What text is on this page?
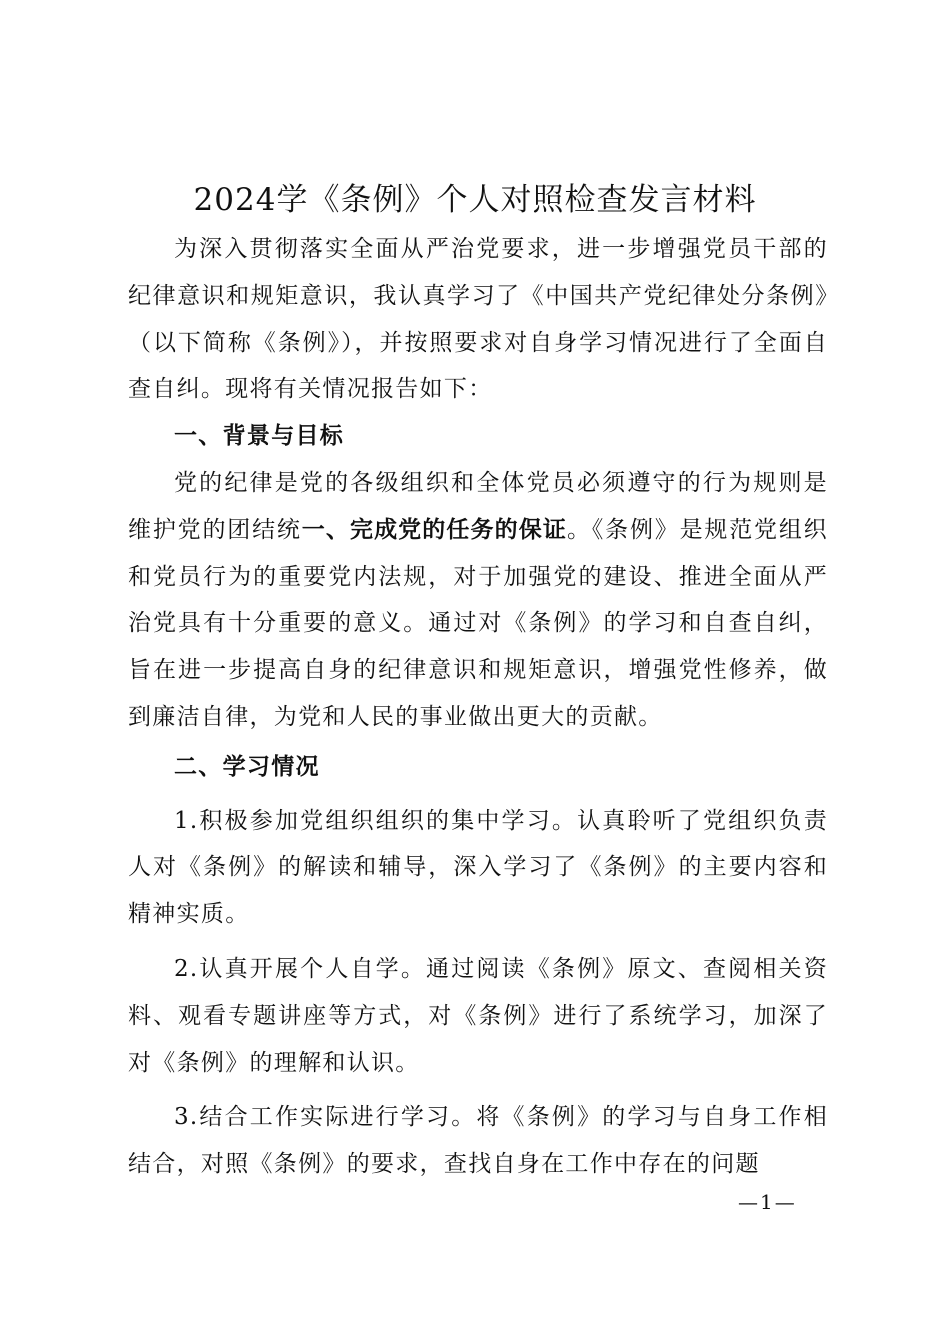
2024学《条例》个人对照检查发言材料

为深入贯彻落实全面从严治党要求，进一步增强党员干部的纪律意识和规矩意识，我认真学习了《中国共产党纪律处分条例》（以下简称《条例》），并按照要求对自身学习情况进行了全面自查自纠。现将有关情况报告如下：

一、背景与目标

党的纪律是党的各级组织和全体党员必须遵守的行为规则是维护党的团结统一、完成党的任务的保证。《条例》是规范党组织和党员行为的重要党内法规，对于加强党的建设、推进全面从严治党具有十分重要的意义。通过对《条例》的学习和自查自纠，旨在进一步提高自身的纪律意识和规矩意识，增强党性修养，做到廉洁自律，为党和人民的事业做出更大的贡献。

二、学习情况

1.积极参加党组织组织的集中学习。认真聆听了党组织负责人对《条例》的解读和辅导，深入学习了《条例》的主要内容和精神实质。

2.认真开展个人自学。通过阅读《条例》原文、查阅相关资料、观看专题讲座等方式，对《条例》进行了系统学习，加深了对《条例》的理解和认识。

3.结合工作实际进行学习。将《条例》的学习与自身工作相结合，对照《条例》的要求，查找自身在工作中存在的问题

—1—
